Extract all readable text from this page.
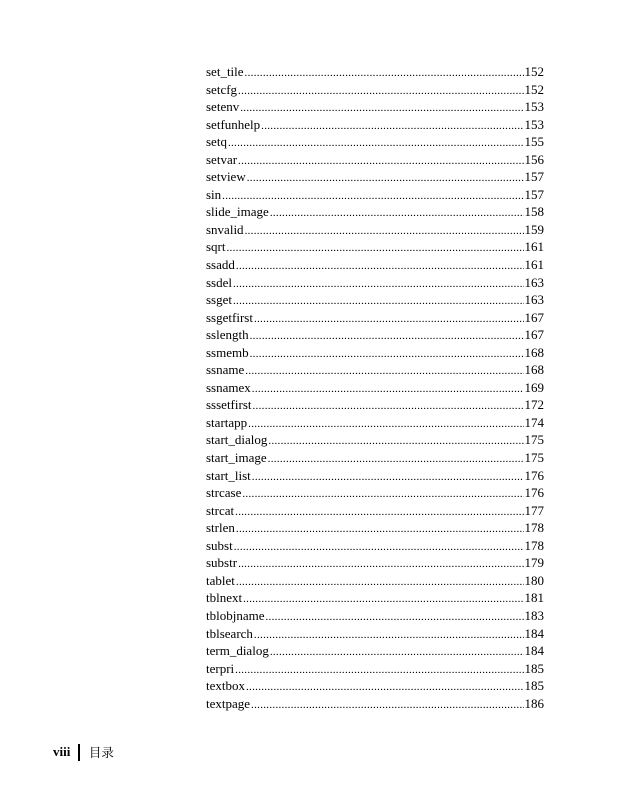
set_tile .....	152
setcfg .....	152
setenv .....	153
setfunhelp .....	153
setq .....	155
setvar .....	156
setview .....	157
sin .....	157
slide_image .....	158
snvalid .....	159
sqrt .....	161
ssadd .....	161
ssdel .....	163
ssget .....	163
ssgetfirst .....	167
sslength .....	167
ssmemb .....	168
ssname .....	168
ssnamex .....	169
sssetfirst .....	172
startapp .....	174
start_dialog .....	175
start_image .....	175
start_list .....	176
strcase .....	176
strcat .....	177
strlen .....	178
subst .....	178
substr .....	179
tablet .....	180
tblnext .....	181
tblobjname .....	183
tblsearch .....	184
term_dialog .....	184
terpri .....	185
textbox .....	185
textpage .....	186
viii 目录
